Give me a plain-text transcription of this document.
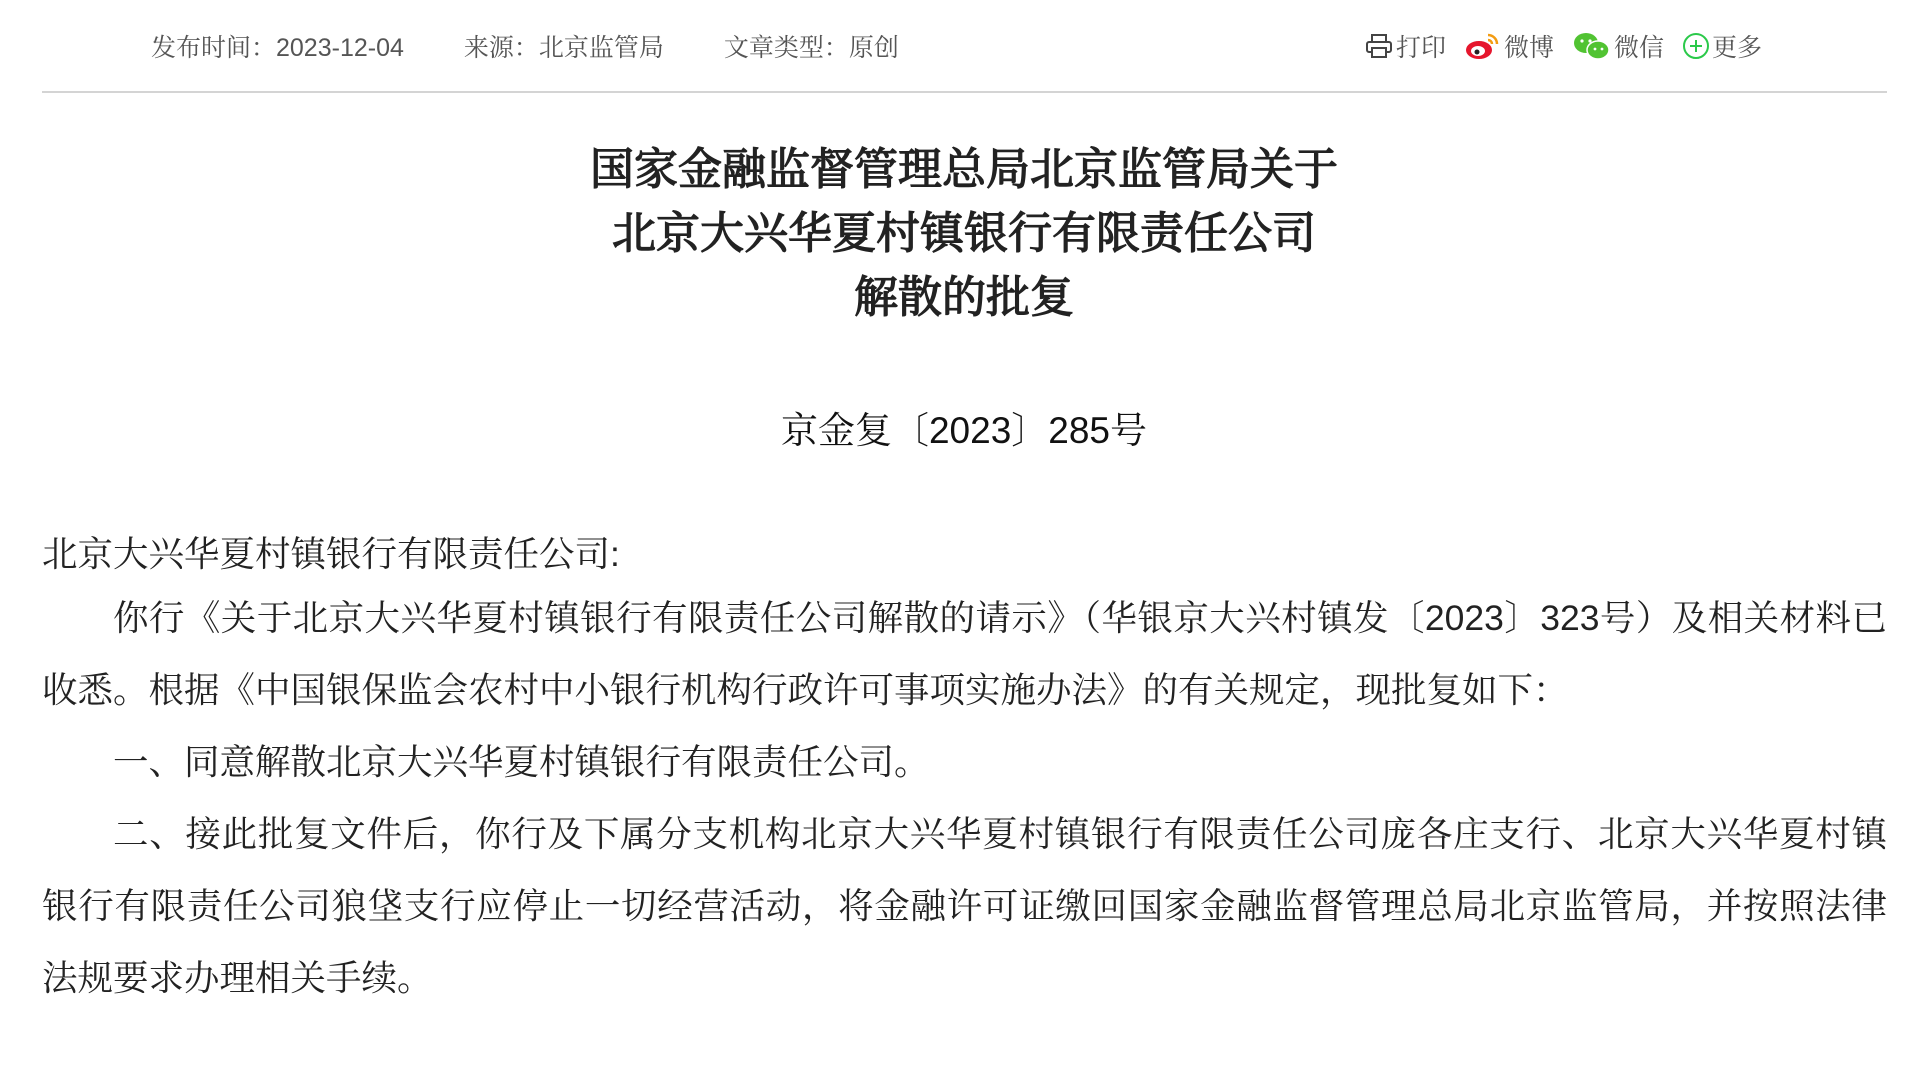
发布时间：2023-12-04 来源：北京监管局 文章类型：原创	打印 微博 微信 更多
国家金融监督管理总局北京监管局关于
北京大兴华夏村镇银行有限责任公司
解散的批复
京金复〔2023〕285号

北京大兴华夏村镇银行有限责任公司:

你行《关于北京大兴华夏村镇银行有限责任公司解散的请示》（华银京大兴村镇发〔2023〕323号）及相关材料已收悉。根据《中国银保监会农村中小银行机构行政许可事项实施办法》的有关规定，现批复如下：

一、同意解散北京大兴华夏村镇银行有限责任公司。

二、接此批复文件后，你行及下属分支机构北京大兴华夏村镇银行有限责任公司庞各庄支行、北京大兴华夏村镇银行有限责任公司狼垡支行应停止一切经营活动，将金融许可证缴回国家金融监督管理总局北京监管局，并按照法律法规要求办理相关手续。
